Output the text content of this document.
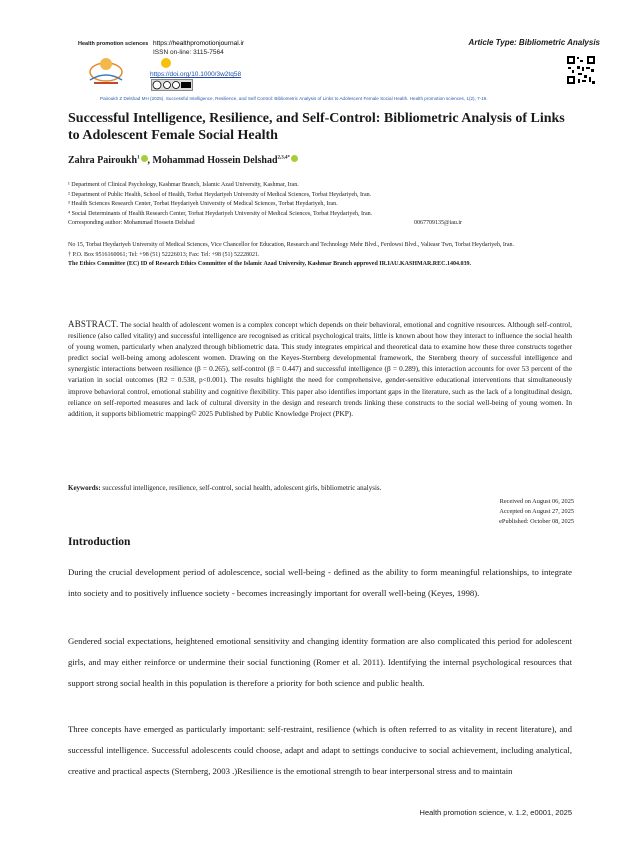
Health promotion sciences https://healthpromotionjournal.ir
ISSN on-line: 3115-7564
https://doi.org/10.1000/3w2tq58
Article Type: Bibliometric Analysis
Pairoukh Z Delshad MH (2025). Successful Intelligence, Resilience, and Self Control: Bibliometric Analysis of Links to Adolescent Female Social Health. Health promotion sciences, 1(2), 7-19.
Successful Intelligence, Resilience, and Self-Control: Bibliometric Analysis of Links to Adolescent Female Social Health
Zahra Pairoukh$^1$ , Mohammad Hossein Delshad$^{2,3,4*}$
¹ Department of Clinical Psychology, Kashmar Branch, Islamic Azad University, Kashmar, Iran.
² Department of Public Health, School of Health, Torbat Heydariyeh University of Medical Sciences, Torbat Heydariyeh, Iran.
³ Health Sciences Research Center, Torbat Heydariyeh University of Medical Sciences, Torbat Heydariyeh, Iran.
⁴ Social Determinants of Health Research Center, Torbat Heydariyeh University of Medical Sciences, Torbat Heydariyeh, Iran.
Corresponding author: Mohammad Hossein Delshad	0067709135@iau.ir
No 15, Torbat Heydariyeh University of Medical Sciences, Vice Chancellor for Education, Research and Technology Mehr Blvd., Ferdowsi Blvd., Valieasr Twn, Torbat Heydariyeh, Iran.
† P.O. Box 9516160061; Tel: +98 (51) 52226013; Fax: Tel: +98 (51) 52228021.
The Ethics Committee (EC) ID of Research Ethics Committee of the Islamic Azad University, Kashmar Branch approved IR.IAU.KASHMAR.REC.1404.039.
ABSTRACT. The social health of adolescent women is a complex concept which depends on their behavioral, emotional and cognitive resources. Although self-control, resilience (also called vitality) and successful intelligence are recognised as critical psychological traits, little is known about how they interact to influence the social health of young women, particularly when analyzed through bibliometric data. This study integrates empirical and theoretical data to examine how these three constructs together predict social well-being among adolescent women. Drawing on the Keyes-Sternberg developmental framework, the Sternberg theory of successful intelligence and synergistic interactions between resilience (β = 0.265), self-control (β = 0.447) and successful intelligence (β = 0.289), this interaction accounts for over 53 percent of the variation in social outcomes (R2 = 0.538, p<0.001). The results highlight the need for comprehensive, gender-sensitive educational interventions that simultaneously improve behavioral control, emotional stability and cognitive flexibility. This paper also identifies important gaps in the literature, such as the lack of a longitudinal design, reliance on self-reported measures and lack of cultural diversity in the design and research trends linking these constructs to the social well-being of young women. In addition, it supports bibliometric mapping© 2025 Published by Public Knowledge Project (PKP).
Keywords: successful intelligence, resilience, self-control, social health, adolescent girls, bibliometric analysis.
Received on August 06, 2025
Accepted on August 27, 2025
ePublished: October 08, 2025
Introduction
During the crucial development period of adolescence, social well-being - defined as the ability to form meaningful relationships, to integrate into society and to positively influence society - becomes increasingly important for overall well-being (Keyes, 1998).
Gendered social expectations, heightened emotional sensitivity and changing identity formation are also complicated this period for adolescent girls, and may either reinforce or undermine their social functioning (Romer et al. 2011). Identifying the internal psychological resources that support strong social health in this population is therefore a priority for both science and public health.
Three concepts have emerged as particularly important: self-restraint, resilience (which is often referred to as vitality in recent literature), and successful intelligence. Successful adolescents could choose, adapt and adapt to settings conducive to social achievement, including analytical, creative and practical aspects (Sternberg, 2003 .)Resilience is the emotional strength to bear interpersonal stress and to maintain
Health promotion science, v. 1.2, e0001, 2025
